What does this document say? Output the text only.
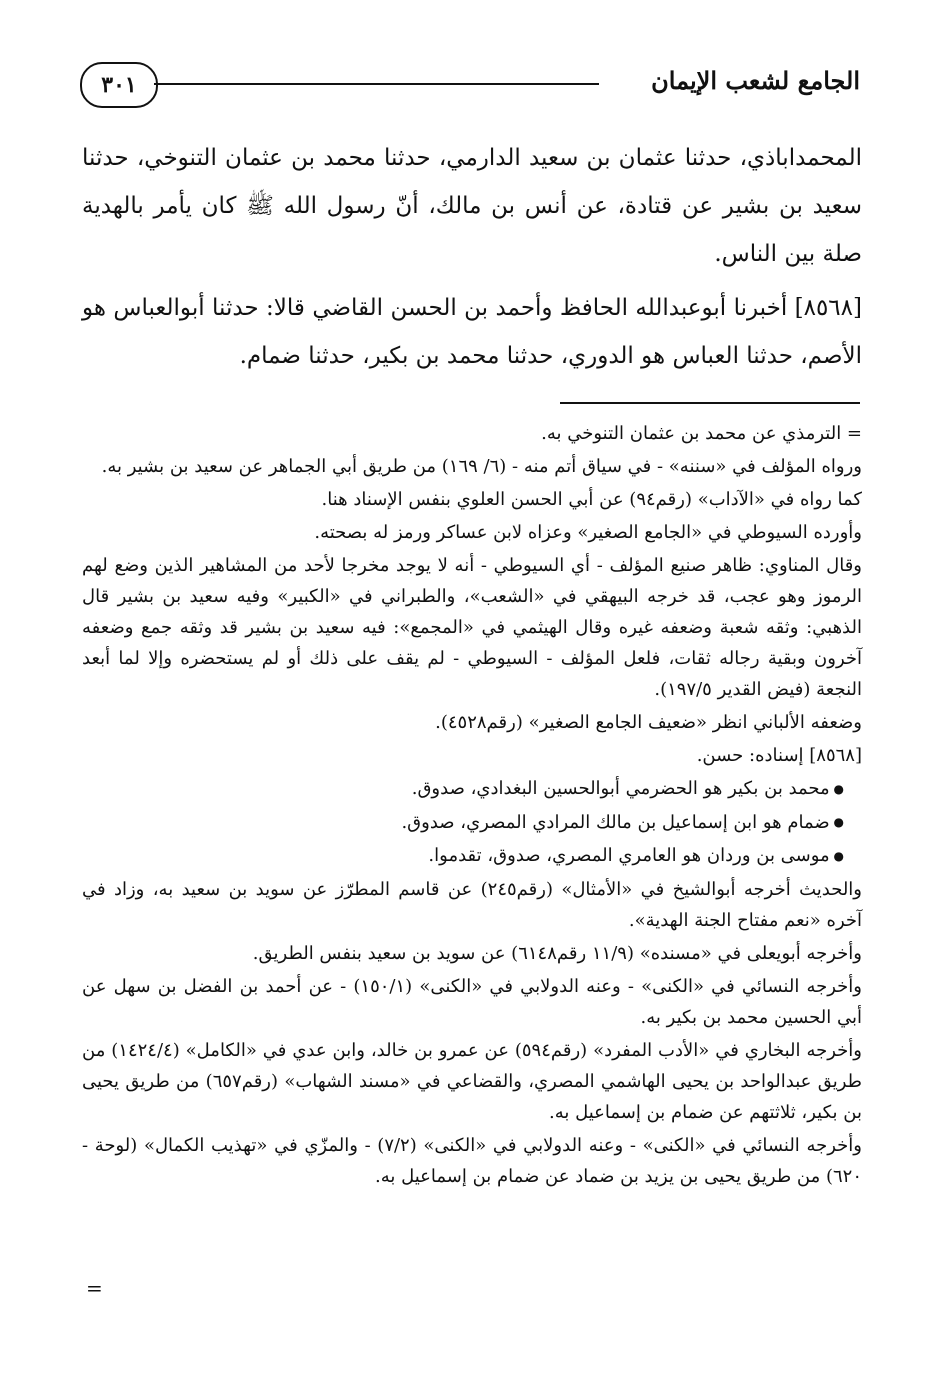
٣٠١	الجامع لشعب الإيمان

المحمداباذي، حدثنا عثمان بن سعيد الدارمي، حدثنا محمد بن عثمان التنوخي، حدثنا سعيد بن بشير عن قتادة، عن أنس بن مالك، أنّ رسول الله ﷺ كان يأمر بالهدية صلة بين الناس.

[٨٥٦٨] أخبرنا أبوعبدالله الحافظ وأحمد بن الحسن القاضي قالا: حدثنا أبوالعباس هو الأصم، حدثنا العباس هو الدوري، حدثنا محمد بن بكير، حدثنا ضمام.

= الترمذي عن محمد بن عثمان التنوخي به.

ورواه المؤلف في «سننه» - في سياق أتم منه - (٦/ ١٦٩) من طريق أبي الجماهر عن سعيد بن بشير به.

كما رواه في «الآداب» (رقم٩٤) عن أبي الحسن العلوي بنفس الإسناد هنا.

وأورده السيوطي في «الجامع الصغير» وعزاه لابن عساكر ورمز له بصحته.

وقال المناوي: ظاهر صنيع المؤلف - أي السيوطي - أنه لا يوجد مخرجا لأحد من المشاهير الذين وضع لهم الرموز وهو عجب، قد خرجه البيهقي في «الشعب»، والطبراني في «الكبير» وفيه سعيد بن بشير قال الذهبي: وثقه شعبة وضعفه غيره وقال الهيثمي في «المجمع»: فيه سعيد بن بشير قد وثقه جمع وضعفه آخرون وبقية رجاله ثقات، فلعل المؤلف - السيوطي - لم يقف على ذلك أو لم يستحضره وإلا لما أبعد النجعة (فيض القدير ١٩٧/٥).

وضعفه الألباني انظر «ضعيف الجامع الصغير» (رقم٤٥٢٨).

[٨٥٦٨] إسناده: حسن.

● محمد بن بكير هو الحضرمي أبوالحسين البغدادي، صدوق.

● ضمام هو ابن إسماعيل بن مالك المرادي المصري، صدوق.

● موسى بن وردان هو العامري المصري، صدوق، تقدموا.

والحديث أخرجه أبوالشيخ في «الأمثال» (رقم٢٤٥) عن قاسم المطرّز عن سويد بن سعيد به، وزاد في آخره «نعم مفتاح الجنة الهدية».

وأخرجه أبويعلى في «مسنده» (١١/٩ رقم٦١٤٨) عن سويد بن سعيد بنفس الطريق.

وأخرجه النسائي في «الكنى» - وعنه الدولابي في «الكنى» (١٥٠/١) - عن أحمد بن الفضل بن سهل عن أبي الحسين محمد بن بكير به.

وأخرجه البخاري في «الأدب المفرد» (رقم٥٩٤) عن عمرو بن خالد، وابن عدي في «الكامل» (١٤٢٤/٤) من طريق عبدالواحد بن يحيى الهاشمي المصري، والقضاعي في «مسند الشهاب» (رقم٦٥٧) من طريق يحيى بن بكير، ثلاثتهم عن ضمام بن إسماعيل به.

وأخرجه النسائي في «الكنى» - وعنه الدولابي في «الكنى» (٧/٢) - والمزّي في «تهذيب الكمال» (لوحة - ٦٢٠) من طريق يحيى بن يزيد بن ضماد عن ضمام بن إسماعيل به.

=
